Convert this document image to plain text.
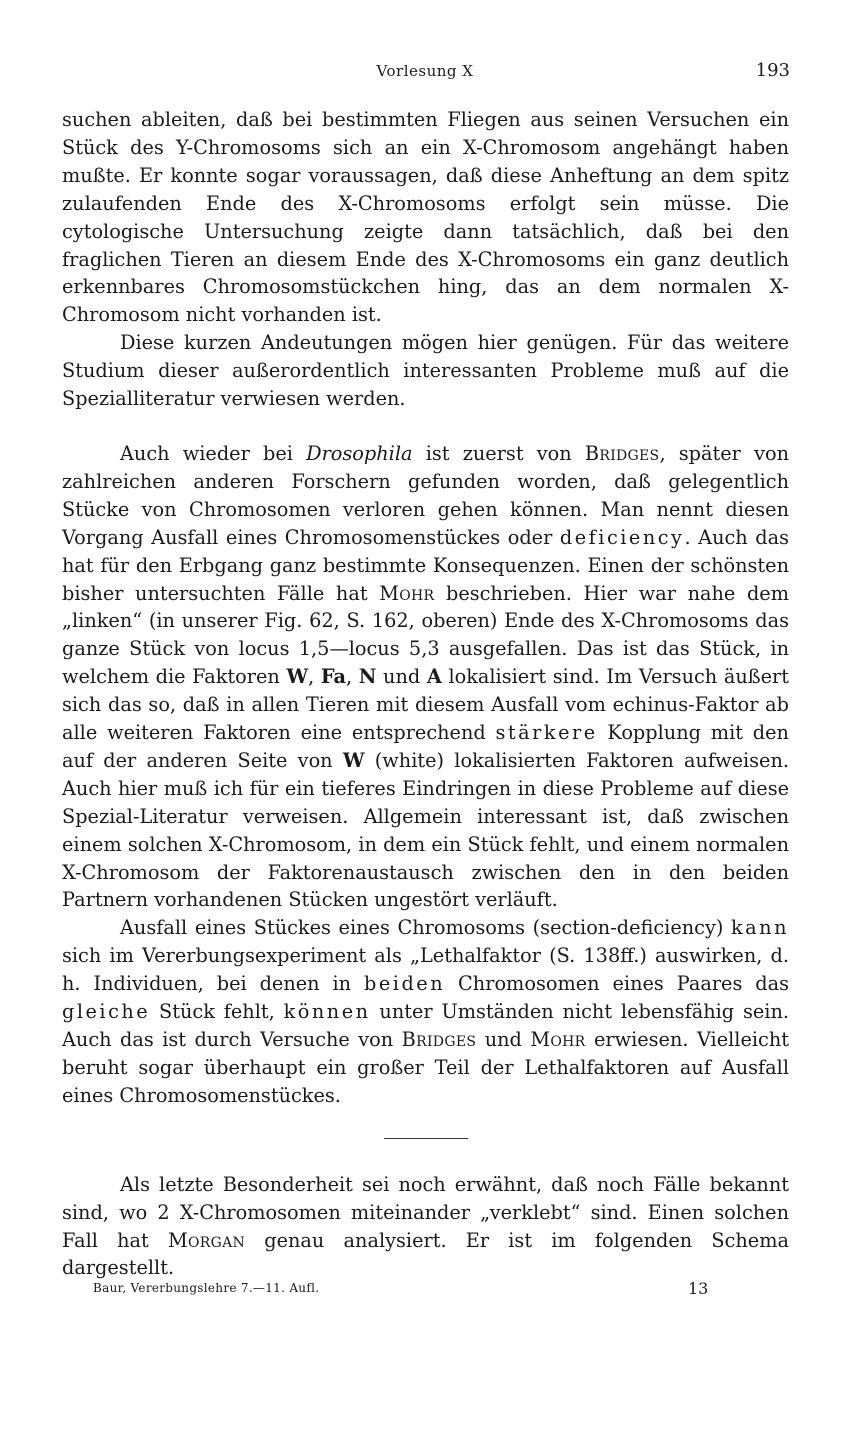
Vorlesung X	193

suchen ableiten, daß bei bestimmten Fliegen aus seinen Versuchen ein Stück des Y-Chromosoms sich an ein X-Chromosom angehängt haben mußte. Er konnte sogar voraussagen, daß diese Anheftung an dem spitz zulaufenden Ende des X-Chromosoms erfolgt sein müsse. Die cytologische Untersuchung zeigte dann tatsächlich, daß bei den fraglichen Tieren an diesem Ende des X-Chromosoms ein ganz deutlich erkennbares Chromosomstückchen hing, das an dem normalen X-Chromosom nicht vorhanden ist.

Diese kurzen Andeutungen mögen hier genügen. Für das weitere Studium dieser außerordentlich interessanten Probleme muß auf die Spezialliteratur verwiesen werden.

Auch wieder bei Drosophila ist zuerst von Bridges, später von zahlreichen anderen Forschern gefunden worden, daß gelegentlich Stücke von Chromosomen verloren gehen können. Man nennt diesen Vorgang Ausfall eines Chromosomenstückes oder deficiency. Auch das hat für den Erbgang ganz bestimmte Konsequenzen. Einen der schönsten bisher untersuchten Fälle hat Mohr beschrieben. Hier war nahe dem „linken“ (in unserer Fig. 62, S. 162, oberen) Ende des X-Chromosoms das ganze Stück von locus 1,5—locus 5,3 ausgefallen. Das ist das Stück, in welchem die Faktoren W, Fa, N und A lokalisiert sind. Im Versuch äußert sich das so, daß in allen Tieren mit diesem Ausfall vom echinus-Faktor ab alle weiteren Faktoren eine entsprechend stärkere Kopplung mit den auf der anderen Seite von W (white) lokalisierten Faktoren aufweisen. Auch hier muß ich für ein tieferes Eindringen in diese Probleme auf diese Spezial-Literatur verweisen. Allgemein interessant ist, daß zwischen einem solchen X-Chromosom, in dem ein Stück fehlt, und einem normalen X-Chromosom der Faktorenaustausch zwischen den in den beiden Partnern vorhandenen Stücken ungestört verläuft.

Ausfall eines Stückes eines Chromosoms (section-deficiency) kann sich im Vererbungsexperiment als „Lethalfaktor (S. 138ff.) auswirken, d. h. Individuen, bei denen in beiden Chromosomen eines Paares das gleiche Stück fehlt, können unter Umständen nicht lebensfähig sein. Auch das ist durch Versuche von Bridges und Mohr erwiesen. Vielleicht beruht sogar überhaupt ein großer Teil der Lethalfaktoren auf Ausfall eines Chromosomenstückes.

Als letzte Besonderheit sei noch erwähnt, daß noch Fälle bekannt sind, wo 2 X-Chromosomen miteinander „verklebt“ sind. Einen solchen Fall hat Morgan genau analysiert. Er ist im folgenden Schema dargestellt.

Baur, Vererbungslehre 7.—11. Aufl.	13
